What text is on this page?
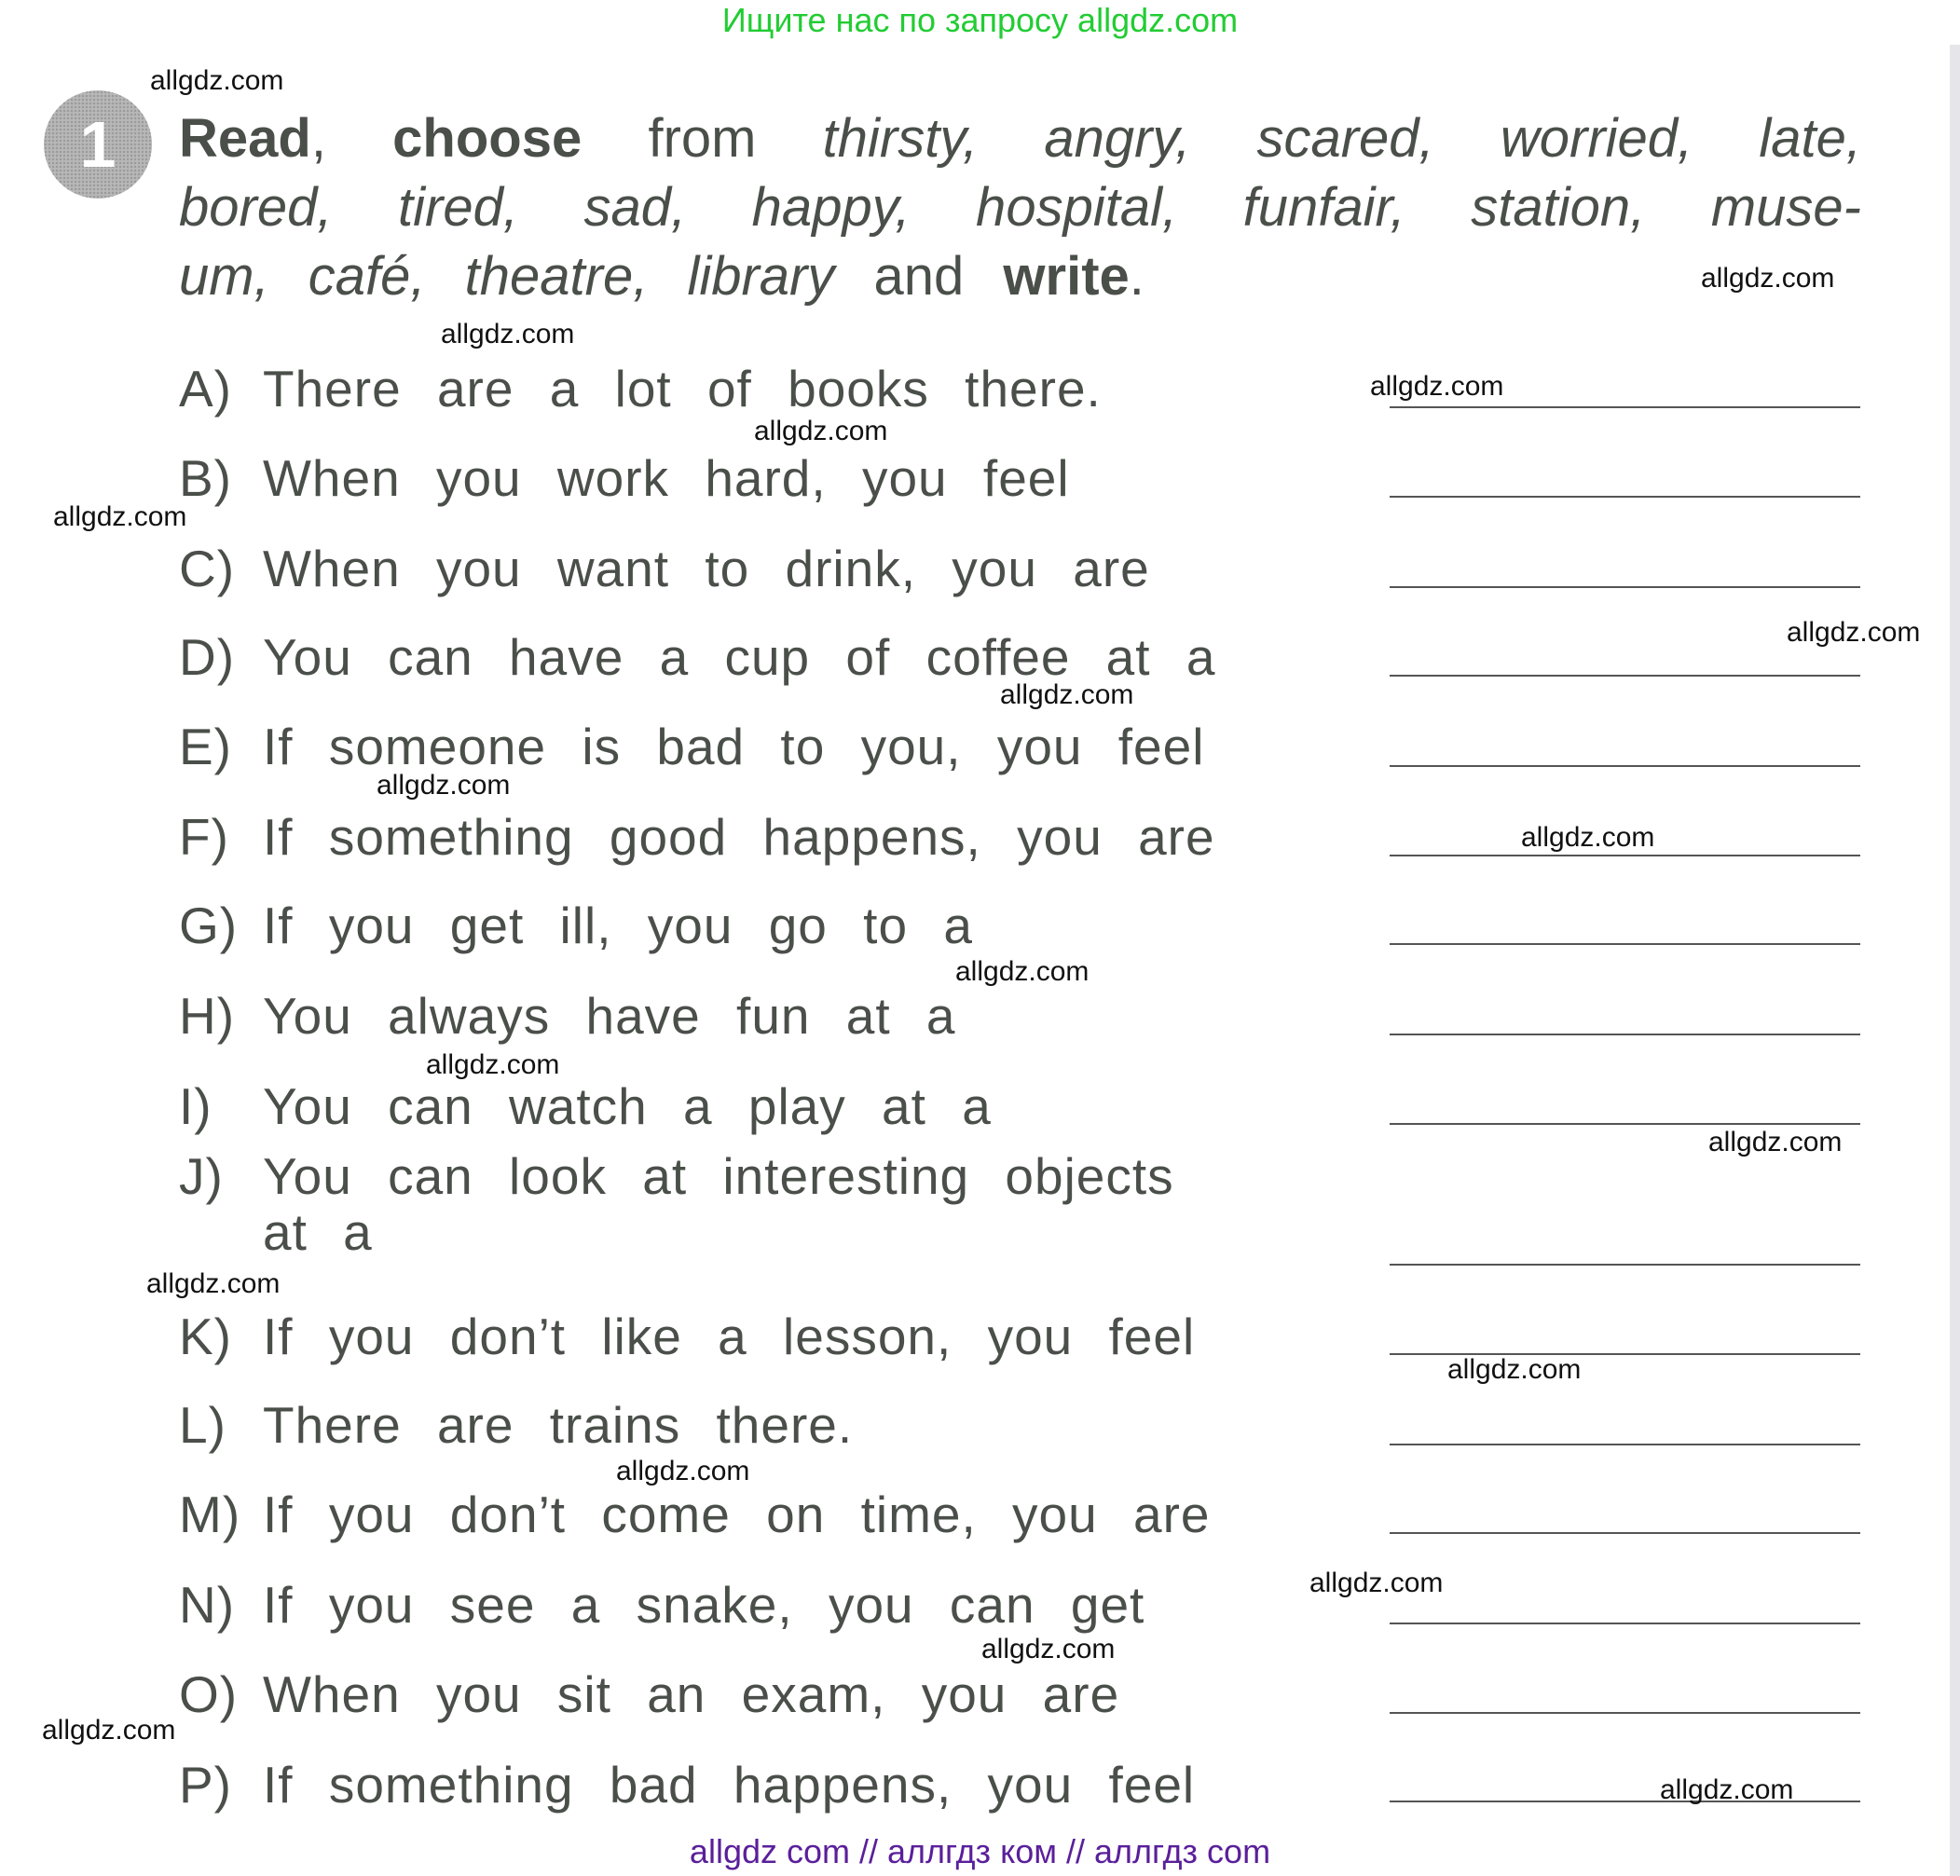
Ищите нас по запросу allgdz.com
1	Read, choose from thirsty, angry, scared, worried, late,
bored, tired, sad, happy, hospital, funfair, station, muse-
um, café, theatre, library and write.
A) There are a lot of books there.
B) When you work hard, you feel
C) When you want to drink, you are
D) You can have a cup of coffee at a
E) If someone is bad to you, you feel
F) If something good happens, you are
G) If you get ill, you go to a
H) You always have fun at a
I) You can watch a play at a
J) You can look at interesting objects
at a
K) If you don’t like a lesson, you feel
L) There are trains there.
M) If you don’t come on time, you are
N) If you see a snake, you can get
O) When you sit an exam, you are
P) If something bad happens, you feel
allgdz.com
allgdz.com
allgdz.com
allgdz.com
allgdz.com
allgdz.com
allgdz.com
allgdz.com
allgdz.com
allgdz.com
allgdz.com
allgdz.com
allgdz.com
allgdz.com
allgdz.com
allgdz.com
allgdz.com
allgdz.com
allgdz.com
allgdz.com
allgdz com // аллгдз ком // аллгдз com
